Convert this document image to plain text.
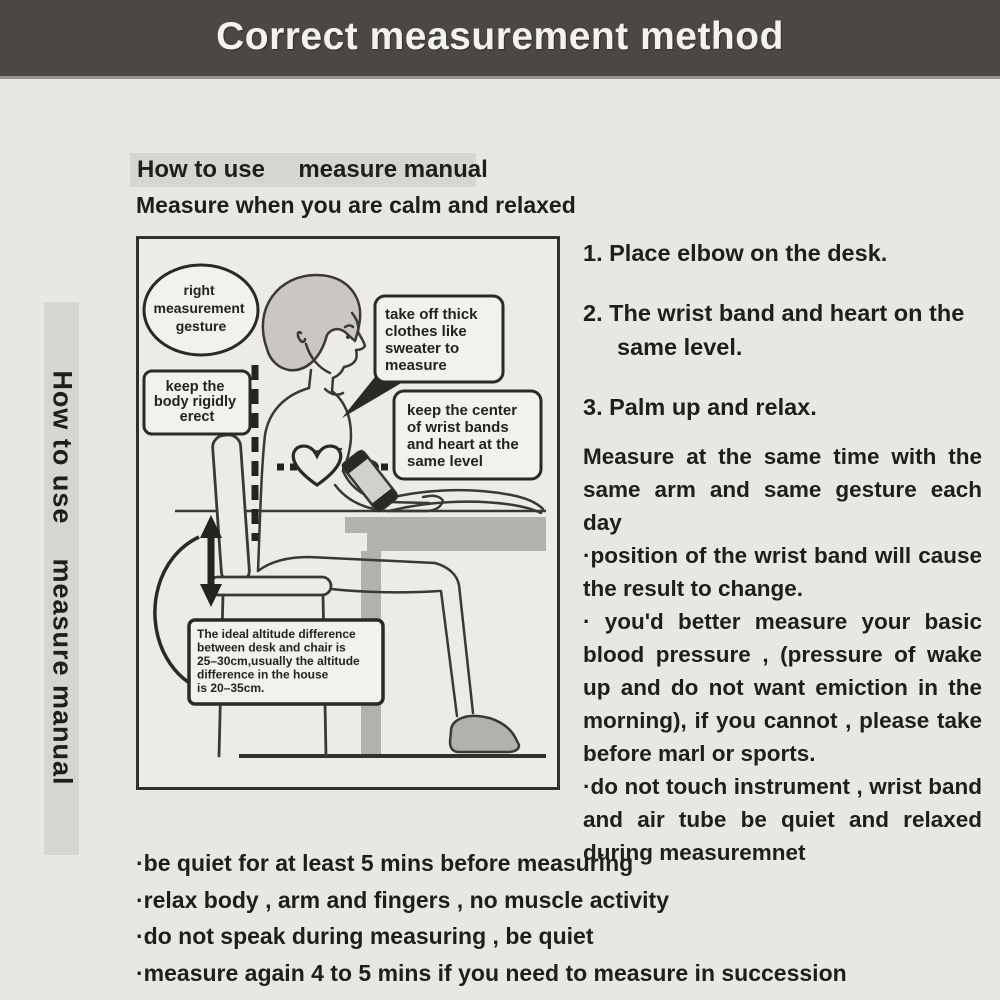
Correct measurement method
How to use    measure manual
How to use     measure manual
Measure when you are calm and relaxed
right measurement gesture
take off thick clothes like sweater to measure
keep the body rigidly erect	keep the center of wrist bands and heart at the same level
The ideal altitude difference between desk and chair is 25–30cm,usually the altitude difference in the house is 20–35cm.
1. Place elbow on the desk.
2. The wrist band and heart on the
same level.
3. Palm up and relax.

Measure at the same time with the same arm and same gesture each day

·position of the wrist band will cause the result to change.

· you'd better measure your basic blood pressure , (pressure of wake up and do not want emiction in the morning), if you cannot , please take before marl or sports.

·do not touch instrument , wrist band and air tube be quiet and relaxed during measuremnet

·be quiet for at least 5 mins before measuring
·relax body , arm and fingers , no muscle activity
·do not speak during measuring , be quiet
·measure again 4 to 5 mins if you need to measure in succession
